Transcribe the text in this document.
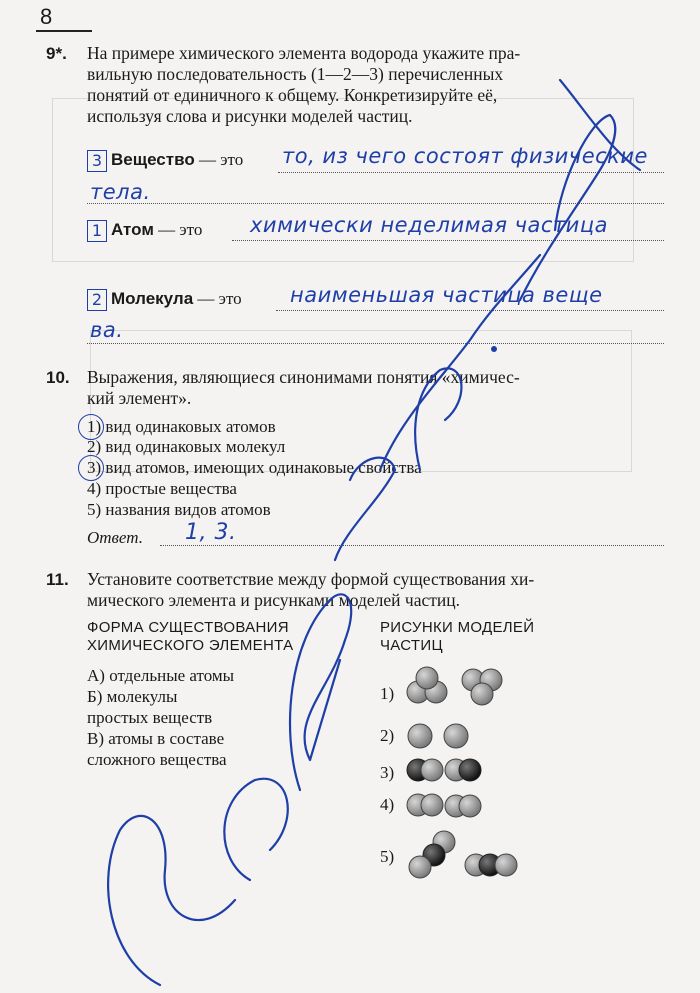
8
9*. На примере химического элемента водорода укажите пра-
вильную последовательность (1—2—3) перечисленных
понятий от единичного к общему. Конкретизируйте её,
используя слова и рисунки моделей частиц.
3 Вещество — это то, из чего состоят физические
тела.
1 Атом — это химически неделимая частица
2 Молекула — это наименьшая частица веще
ва.
10. Выражения, являющиеся синонимами понятия «химичес-
кий элемент».
1) вид одинаковых атомов
2) вид одинаковых молекул
3) вид атомов, имеющих одинаковые свойства
4) простые вещества
5) названия видов атомов
Ответ. 1, 3.
11. Установите соответствие между формой существования хи-
мического элемента и рисунками моделей частиц.
ФОРМА СУЩЕСТВОВАНИЯ
ХИМИЧЕСКОГО ЭЛЕМЕНТА
А) отдельные атомы
Б) молекулы
простых веществ
В) атомы в составе
сложного вещества
РИСУНКИ МОДЕЛЕЙ
ЧАСТИЦ
1)
2)
3)
4)
5)
